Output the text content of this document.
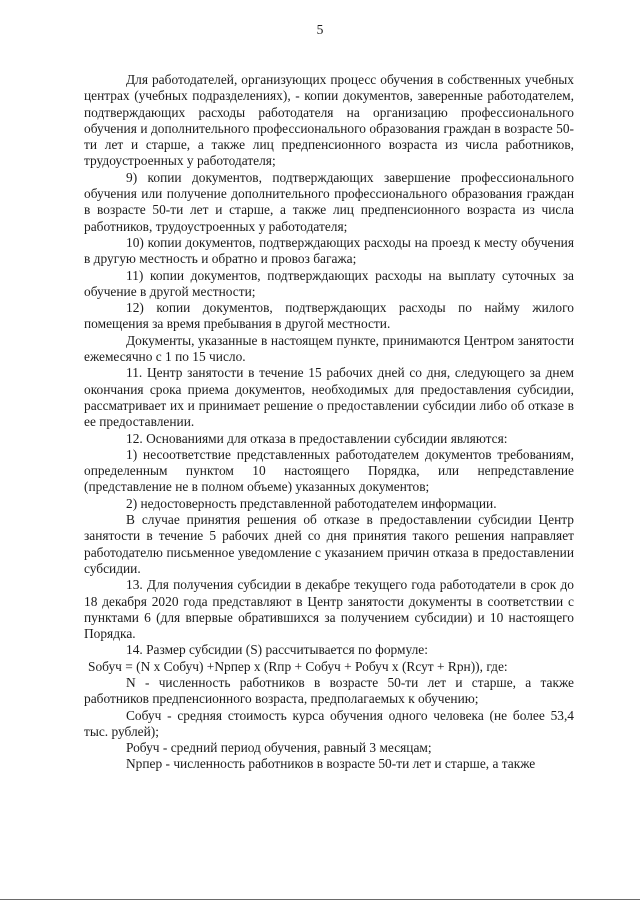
5

Для работодателей, организующих процесс обучения в собственных учебных центрах (учебных подразделениях), - копии документов, заверенные работодателем, подтверждающих расходы работодателя на организацию профессионального обучения и дополнительного профессионального образования граждан в возрасте 50-ти лет и старше, а также лиц предпенсионного возраста из числа работников, трудоустроенных у работодателя;

9) копии документов, подтверждающих завершение профессионального обучения или получение дополнительного профессионального образования граждан в возрасте 50-ти лет и старше, а также лиц предпенсионного возраста из числа работников, трудоустроенных у работодателя;

10) копии документов, подтверждающих расходы на проезд к месту обучения в другую местность и обратно и провоз багажа;

11) копии документов, подтверждающих расходы на выплату суточных за обучение в другой местности;

12) копии документов, подтверждающих расходы по найму жилого помещения за время пребывания в другой местности.

Документы, указанные в настоящем пункте, принимаются Центром занятости ежемесячно с 1 по 15 число.

11. Центр занятости в течение 15 рабочих дней со дня, следующего за днем окончания срока приема документов, необходимых для предоставления субсидии, рассматривает их и принимает решение о предоставлении субсидии либо об отказе в ее предоставлении.

12. Основаниями для отказа в предоставлении субсидии являются:

1) несоответствие представленных работодателем документов требованиям, определенным пунктом 10 настоящего Порядка, или непредставление (представление не в полном объеме) указанных документов;

2) недостоверность представленной работодателем информации.

В случае принятия решения об отказе в предоставлении субсидии Центр занятости в течение 5 рабочих дней со дня принятия такого решения направляет работодателю письменное уведомление с указанием причин отказа в предоставлении субсидии.

13. Для получения субсидии в декабре текущего года работодатели в срок до 18 декабря 2020 года представляют в Центр занятости документы в соответствии с пунктами 6 (для впервые обратившихся за получением субсидии) и 10 настоящего Порядка.

14. Размер субсидии (S) рассчитывается по формуле:

Sобуч = (N x Cобуч) +Nрпер x (Rпр + Cобуч + Робуч x (Rсут + Rрн)), где:

N - численность работников в возрасте 50-ти лет и старше, а также работников предпенсионного возраста, предполагаемых к обучению;

Cобуч - средняя стоимость курса обучения одного человека (не более 53,4 тыс. рублей);

Робуч - средний период обучения, равный 3 месяцам;

Nрпер - численность работников в возрасте 50-ти лет и старше, а также
